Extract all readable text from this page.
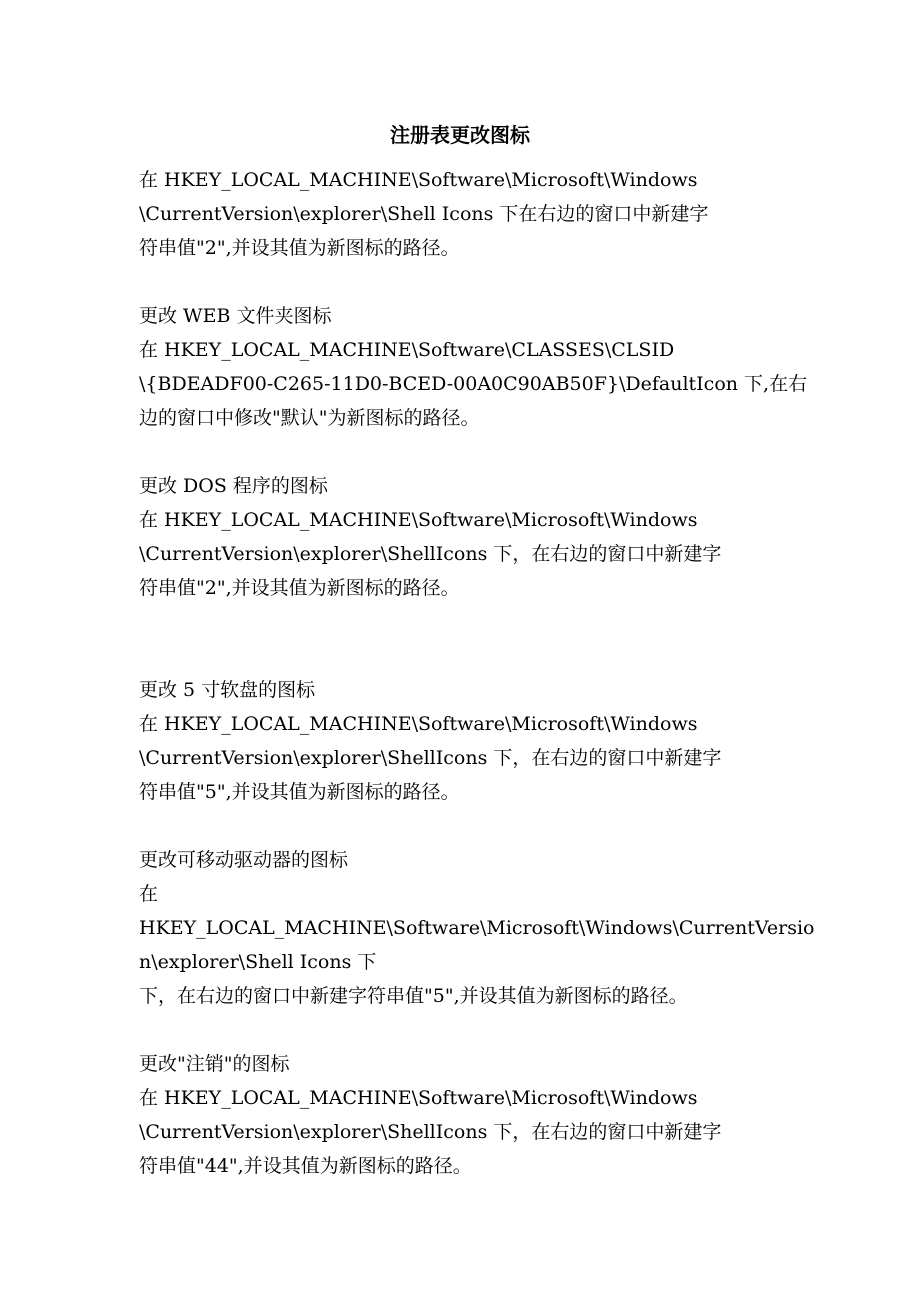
注册表更改图标
在 HKEY_LOCAL_MACHINE\Software\Microsoft\Windows
\CurrentVersion\explorer\Shell Icons 下在右边的窗口中新建字
符串值"2",并设其值为新图标的路径。
更改 WEB 文件夹图标
在 HKEY_LOCAL_MACHINE\Software\CLASSES\CLSID
\{BDEADF00-C265-11D0-BCED-00A0C90AB50F}\DefaultIcon 下,在右
边的窗口中修改"默认"为新图标的路径。
更改 DOS 程序的图标
在 HKEY_LOCAL_MACHINE\Software\Microsoft\Windows
\CurrentVersion\explorer\ShellIcons 下，在右边的窗口中新建字
符串值"2",并设其值为新图标的路径。
更改 5 寸软盘的图标
在 HKEY_LOCAL_MACHINE\Software\Microsoft\Windows
\CurrentVersion\explorer\ShellIcons 下，在右边的窗口中新建字
符串值"5",并设其值为新图标的路径。
更改可移动驱动器的图标
在
HKEY_LOCAL_MACHINE\Software\Microsoft\Windows\CurrentVersio
n\explorer\Shell Icons 下
下，在右边的窗口中新建字符串值"5",并设其值为新图标的路径。
更改"注销"的图标
在 HKEY_LOCAL_MACHINE\Software\Microsoft\Windows
\CurrentVersion\explorer\ShellIcons 下，在右边的窗口中新建字
符串值"44",并设其值为新图标的路径。
